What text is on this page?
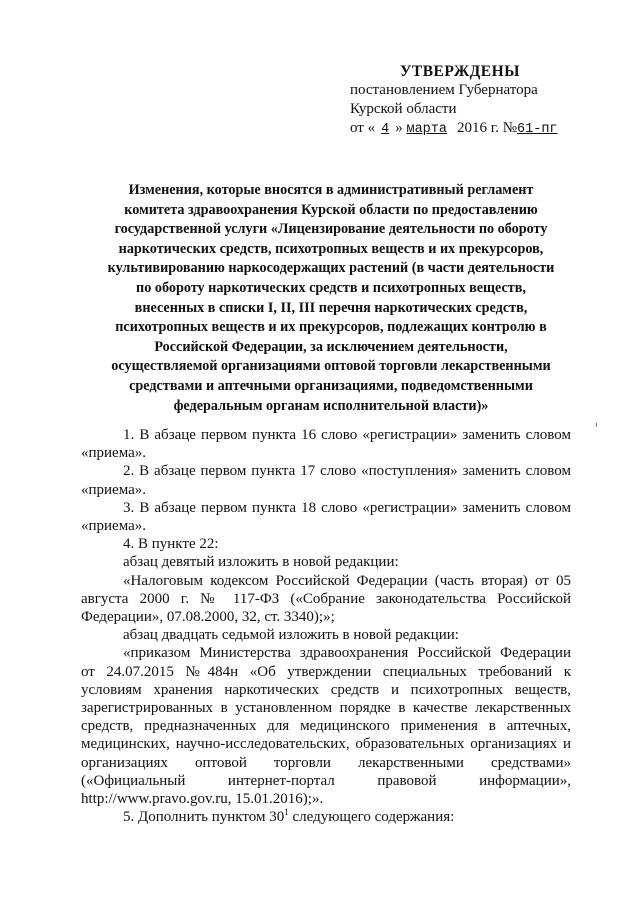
УТВЕРЖДЕНЫ
постановлением Губернатора
Курской области
от « 4 » марта 2016 г. №61-пг
Изменения, которые вносятся в административный регламент
комитета здравоохранения Курской области по предоставлению
государственной услуги «Лицензирование деятельности по обороту
наркотических средств, психотропных веществ и их прекурсоров,
культивированию наркосодержащих растений (в части деятельности
по обороту наркотических средств и психотропных веществ,
внесенных в списки I, II, III перечня наркотических средств,
психотропных веществ и их прекурсоров, подлежащих контролю в
Российской Федерации, за исключением деятельности,
осуществляемой организациями оптовой торговли лекарственными
средствами и аптечными организациями, подведомственными
федеральным органам исполнительной власти)»

1. В абзаце первом пункта 16 слово «регистрации» заменить словом «приема».

2. В абзаце первом пункта 17 слово «поступления» заменить словом «приема».

3. В абзаце первом пункта 18 слово «регистрации» заменить словом «приема».

4. В пункте 22:

абзац девятый изложить в новой редакции:

«Налоговым кодексом Российской Федерации (часть вторая) от 05 августа 2000 г. № 117-ФЗ («Собрание законодательства Российской Федерации», 07.08.2000, 32, ст. 3340);»;

абзац двадцать седьмой изложить в новой редакции:

«приказом Министерства здравоохранения Российской Федерации
от 24.07.2015 №484н «Об утверждении специальных требований к
условиям хранения наркотических средств и психотропных веществ,
зарегистрированных в установленном порядке в качестве лекарственных
средств, предназначенных для медицинского применения в аптечных,
медицинских, научно-исследовательских, образовательных организациях и
организациях оптовой торговли лекарственными средствами»
(«Официальный интернет-портал правовой информации»,
http://www.pravo.gov.ru, 15.01.2016);».

5. Дополнить пунктом $30^1$ следующего содержания:
